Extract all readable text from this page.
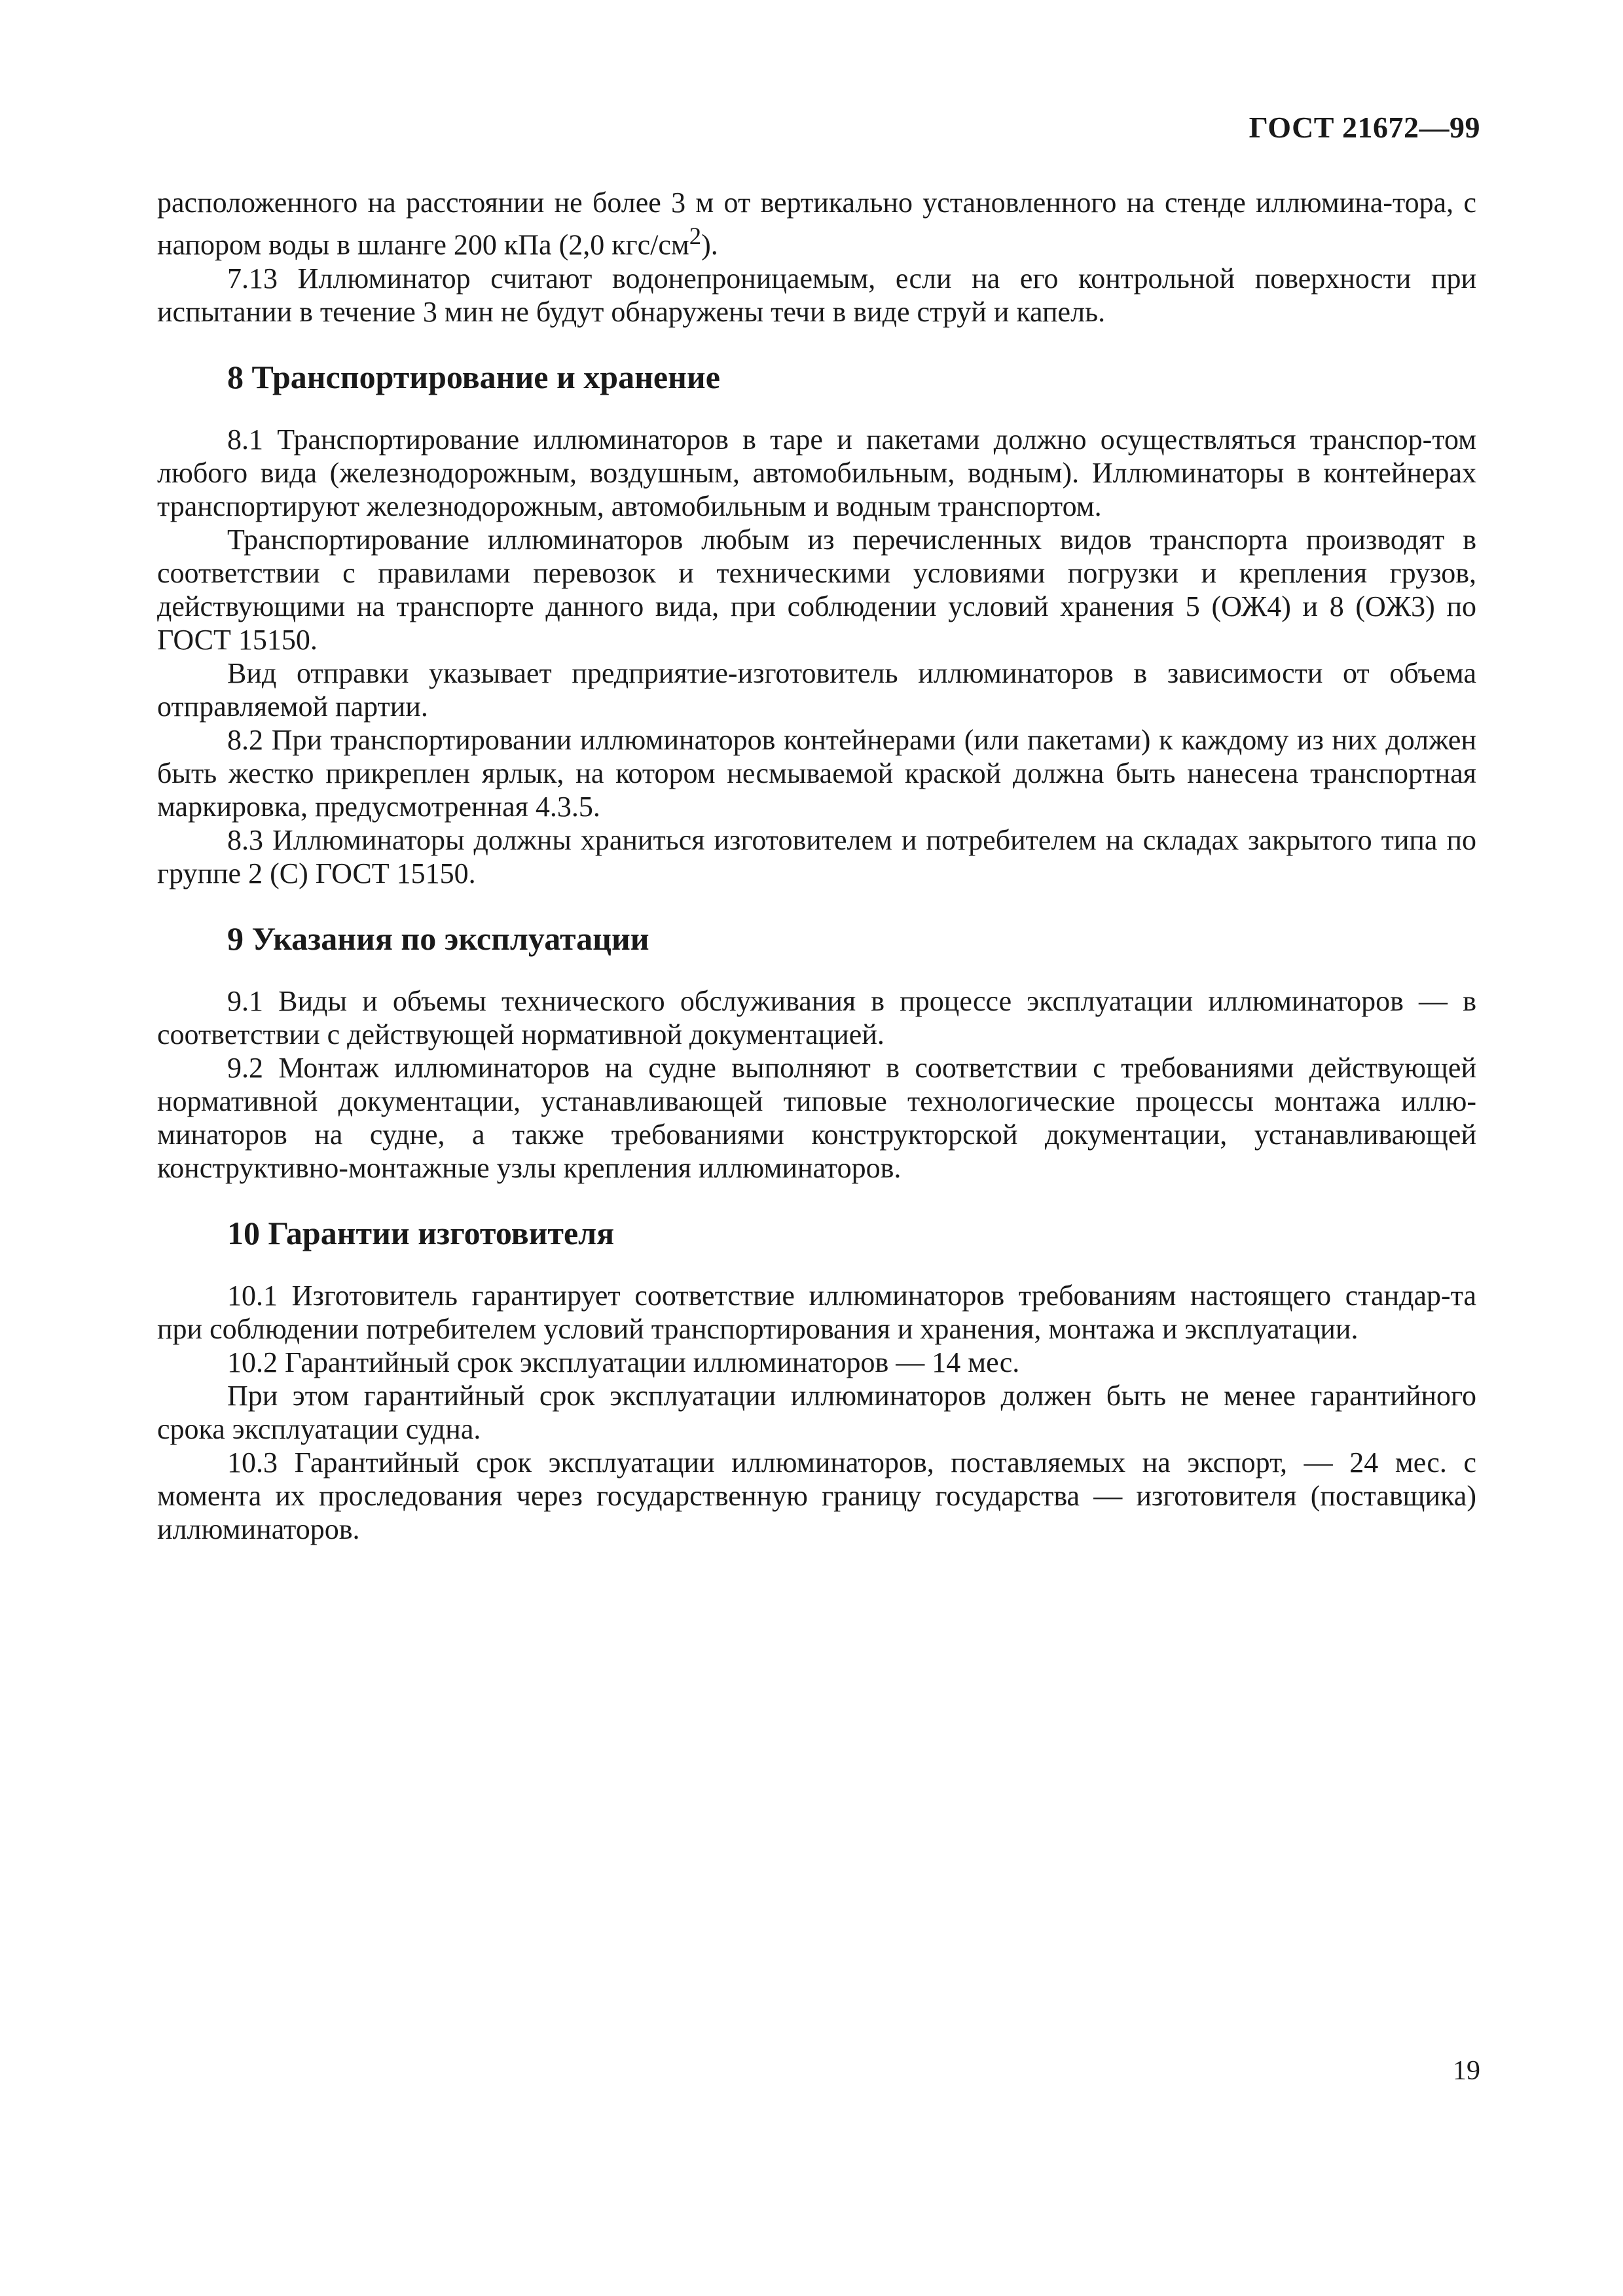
ГОСТ 21672—99

расположенного на расстоянии не более 3 м от вертикально установленного на стенде иллюмина-тора, с напором воды в шланге 200 кПа (2,0 кгс/$см^2$).

7.13 Иллюминатор считают водонепроницаемым, если на его контрольной поверхности при испытании в течение 3 мин не будут обнаружены течи в виде струй и капель.

8 Транспортирование и хранение

8.1 Транспортирование иллюминаторов в таре и пакетами должно осуществляться транспор-том любого вида (железнодорожным, воздушным, автомобильным, водным). Иллюминаторы в контейнерах транспортируют железнодорожным, автомобильным и водным транспортом.

Транспортирование иллюминаторов любым из перечисленных видов транспорта производят в соответствии с правилами перевозок и техническими условиями погрузки и крепления грузов, действующими на транспорте данного вида, при соблюдении условий хранения 5 (ОЖ4) и 8 (ОЖ3) по ГОСТ 15150.

Вид отправки указывает предприятие-изготовитель иллюминаторов в зависимости от объема отправляемой партии.

8.2 При транспортировании иллюминаторов контейнерами (или пакетами) к каждому из них должен быть жестко прикреплен ярлык, на котором несмываемой краской должна быть нанесена транспортная маркировка, предусмотренная 4.3.5.

8.3 Иллюминаторы должны храниться изготовителем и потребителем на складах закрытого типа по группе 2 (С) ГОСТ 15150.

9 Указания по эксплуатации

9.1 Виды и объемы технического обслуживания в процессе эксплуатации иллюминаторов — в соответствии с действующей нормативной документацией.

9.2 Монтаж иллюминаторов на судне выполняют в соответствии с требованиями действующей нормативной документации, устанавливающей типовые технологические процессы монтажа иллю-минаторов на судне, а также требованиями конструкторской документации, устанавливающей конструктивно-монтажные узлы крепления иллюминаторов.

10 Гарантии изготовителя

10.1 Изготовитель гарантирует соответствие иллюминаторов требованиям настоящего стандар-та при соблюдении потребителем условий транспортирования и хранения, монтажа и эксплуатации.

10.2 Гарантийный срок эксплуатации иллюминаторов — 14 мес.

При этом гарантийный срок эксплуатации иллюминаторов должен быть не менее гарантийного срока эксплуатации судна.

10.3 Гарантийный срок эксплуатации иллюминаторов, поставляемых на экспорт, — 24 мес. с момента их проследования через государственную границу государства — изготовителя (поставщика) иллюминаторов.

19
